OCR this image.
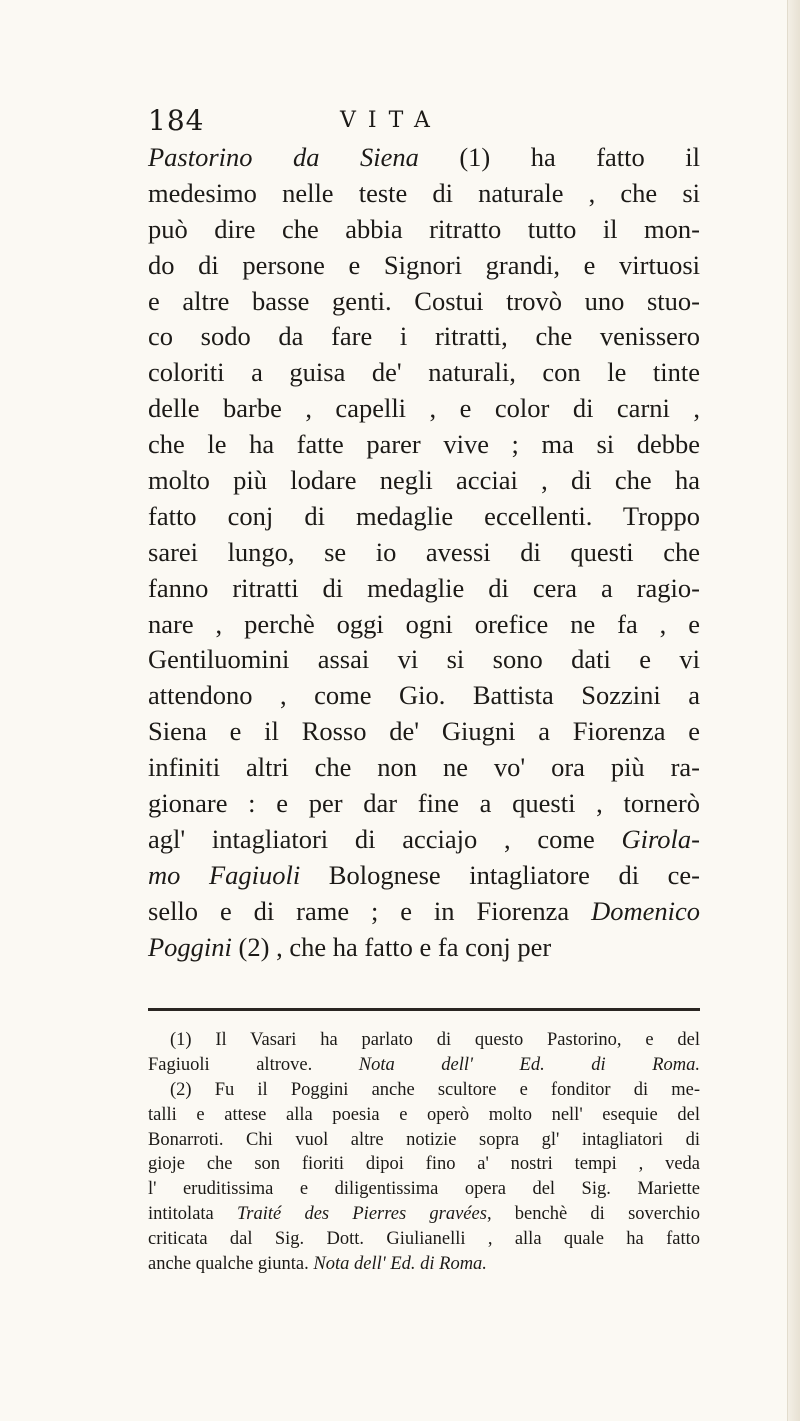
184	VITA
Pastorino da Siena (1) ha fatto il
medesimo nelle teste di naturale , che si
può dire che abbia ritratto tutto il mon-
do di persone e Signori grandi, e virtuosi
e altre basse genti. Costui trovò uno stuo-
co sodo da fare i ritratti, che venissero
coloriti a guisa de' naturali, con le tinte
delle barbe , capelli , e color di carni ,
che le ha fatte parer vive ; ma si debbe
molto più lodare negli acciai , di che ha
fatto conj di medaglie eccellenti. Troppo
sarei lungo, se io avessi di questi che
fanno ritratti di medaglie di cera a ragio-
nare , perchè oggi ogni orefice ne fa , e
Gentiluomini assai vi si sono dati e vi
attendono , come Gio. Battista Sozzini a
Siena e il Rosso de' Giugni a Fiorenza e
infiniti altri che non ne vo' ora più ra-
gionare : e per dar fine a questi , tornerò
agl' intagliatori di acciajo , come Girola-
mo Fagiuoli Bolognese intagliatore di ce-
sello e di rame ; e in Fiorenza Domenico
Poggini (2) , che ha fatto e fa conj per
(1) Il Vasari ha parlato di questo Pastorino, e del
Fagiuoli altrove. Nota dell' Ed. di Roma.
(2) Fu il Poggini anche scultore e fonditor di me-
talli e attese alla poesia e operò molto nell' esequie del
Bonarroti. Chi vuol altre notizie sopra gl' intagliatori di
gioje che son fioriti dipoi fino a' nostri tempi , veda
l' eruditissima e diligentissima opera del Sig. Mariette
intitolata Traité des Pierres gravées, benchè di soverchio
criticata dal Sig. Dott. Giulianelli , alla quale ha fatto
anche qualche giunta. Nota dell' Ed. di Roma.
